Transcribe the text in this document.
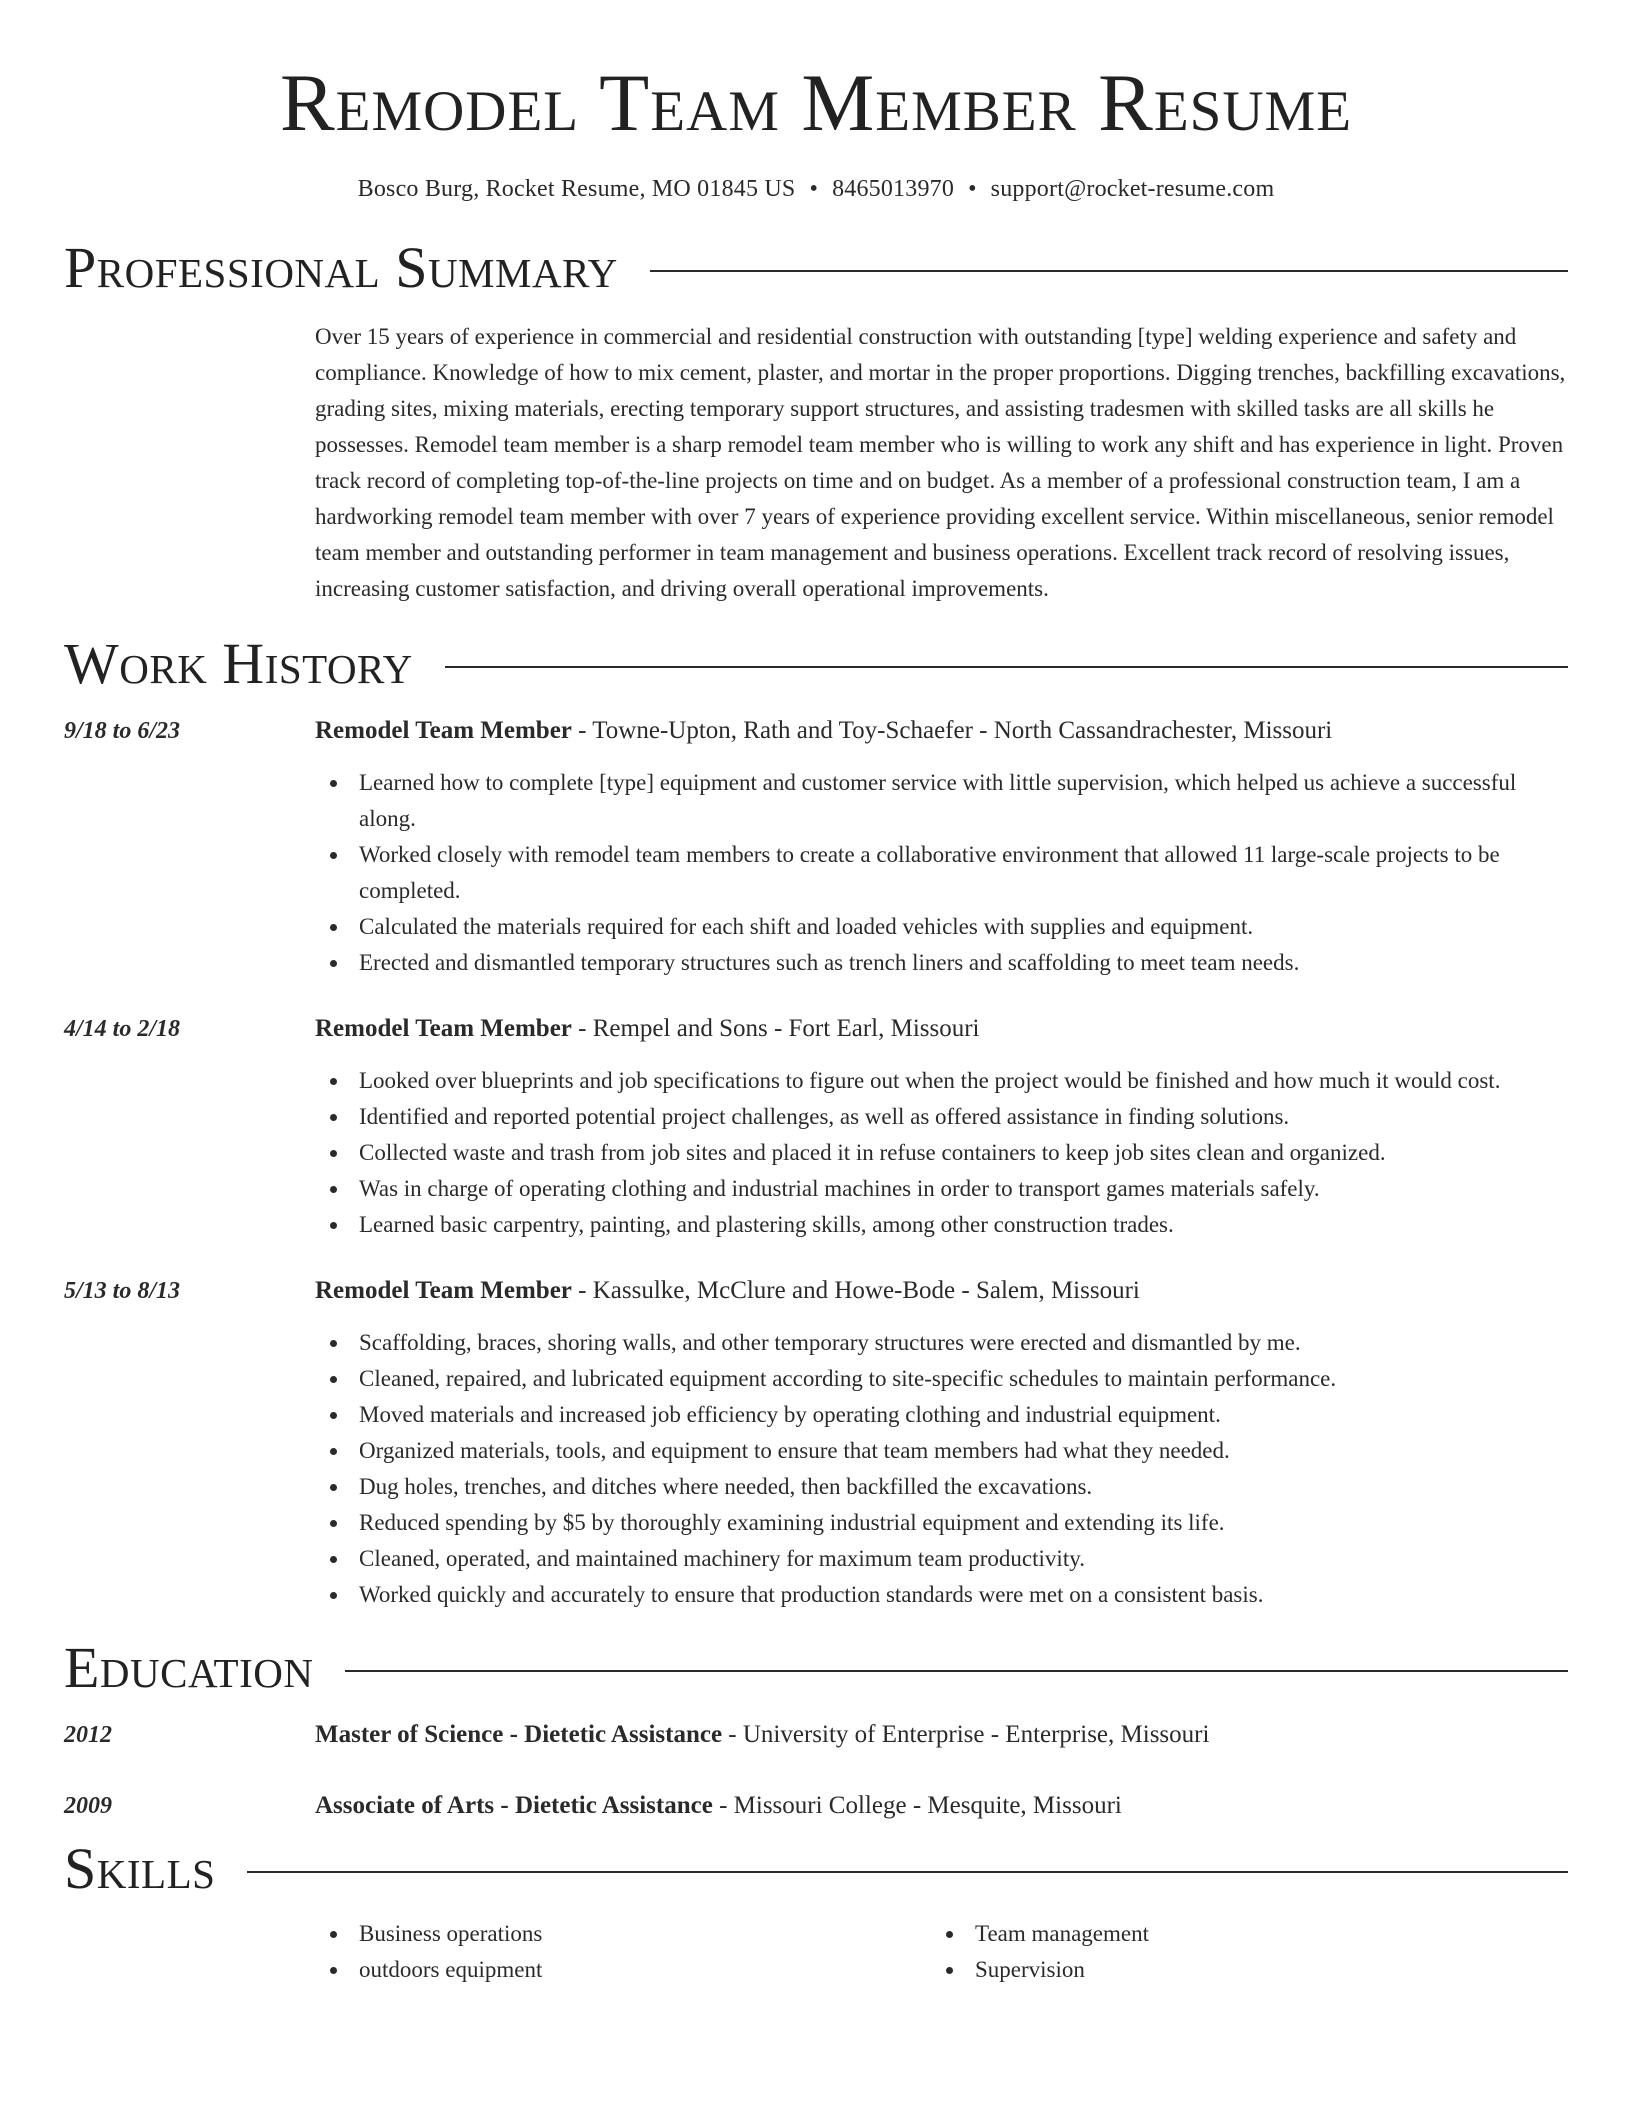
Remodel Team Member Resume
Bosco Burg, Rocket Resume, MO 01845 US • 8465013970 • support@rocket-resume.com
Professional Summary

Over 15 years of experience in commercial and residential construction with outstanding [type] welding experience and safety and compliance. Knowledge of how to mix cement, plaster, and mortar in the proper proportions. Digging trenches, backfilling excavations, grading sites, mixing materials, erecting temporary support structures, and assisting tradesmen with skilled tasks are all skills he possesses. Remodel team member is a sharp remodel team member who is willing to work any shift and has experience in light. Proven track record of completing top-of-the-line projects on time and on budget. As a member of a professional construction team, I am a hardworking remodel team member with over 7 years of experience providing excellent service. Within miscellaneous, senior remodel team member and outstanding performer in team management and business operations. Excellent track record of resolving issues, increasing customer satisfaction, and driving overall operational improvements.

Work History
9/18 to 6/23	Remodel Team Member - Towne-Upton, Rath and Toy-Schaefer - North Cassandrachester, Missouri
Learned how to complete [type] equipment and customer service with little supervision, which helped us achieve a successful along.
Worked closely with remodel team members to create a collaborative environment that allowed 11 large-scale projects to be completed.
Calculated the materials required for each shift and loaded vehicles with supplies and equipment.
Erected and dismantled temporary structures such as trench liners and scaffolding to meet team needs.
4/14 to 2/18	Remodel Team Member - Rempel and Sons - Fort Earl, Missouri
Looked over blueprints and job specifications to figure out when the project would be finished and how much it would cost.
Identified and reported potential project challenges, as well as offered assistance in finding solutions.
Collected waste and trash from job sites and placed it in refuse containers to keep job sites clean and organized.
Was in charge of operating clothing and industrial machines in order to transport games materials safely.
Learned basic carpentry, painting, and plastering skills, among other construction trades.
5/13 to 8/13	Remodel Team Member - Kassulke, McClure and Howe-Bode - Salem, Missouri
Scaffolding, braces, shoring walls, and other temporary structures were erected and dismantled by me.
Cleaned, repaired, and lubricated equipment according to site-specific schedules to maintain performance.
Moved materials and increased job efficiency by operating clothing and industrial equipment.
Organized materials, tools, and equipment to ensure that team members had what they needed.
Dug holes, trenches, and ditches where needed, then backfilled the excavations.
Reduced spending by $5 by thoroughly examining industrial equipment and extending its life.
Cleaned, operated, and maintained machinery for maximum team productivity.
Worked quickly and accurately to ensure that production standards were met on a consistent basis.
Education
2012	Master of Science - Dietetic Assistance - University of Enterprise - Enterprise, Missouri
2009	Associate of Arts - Dietetic Assistance - Missouri College - Mesquite, Missouri
Skills
Business operations
outdoors equipment
Team management
Supervision
